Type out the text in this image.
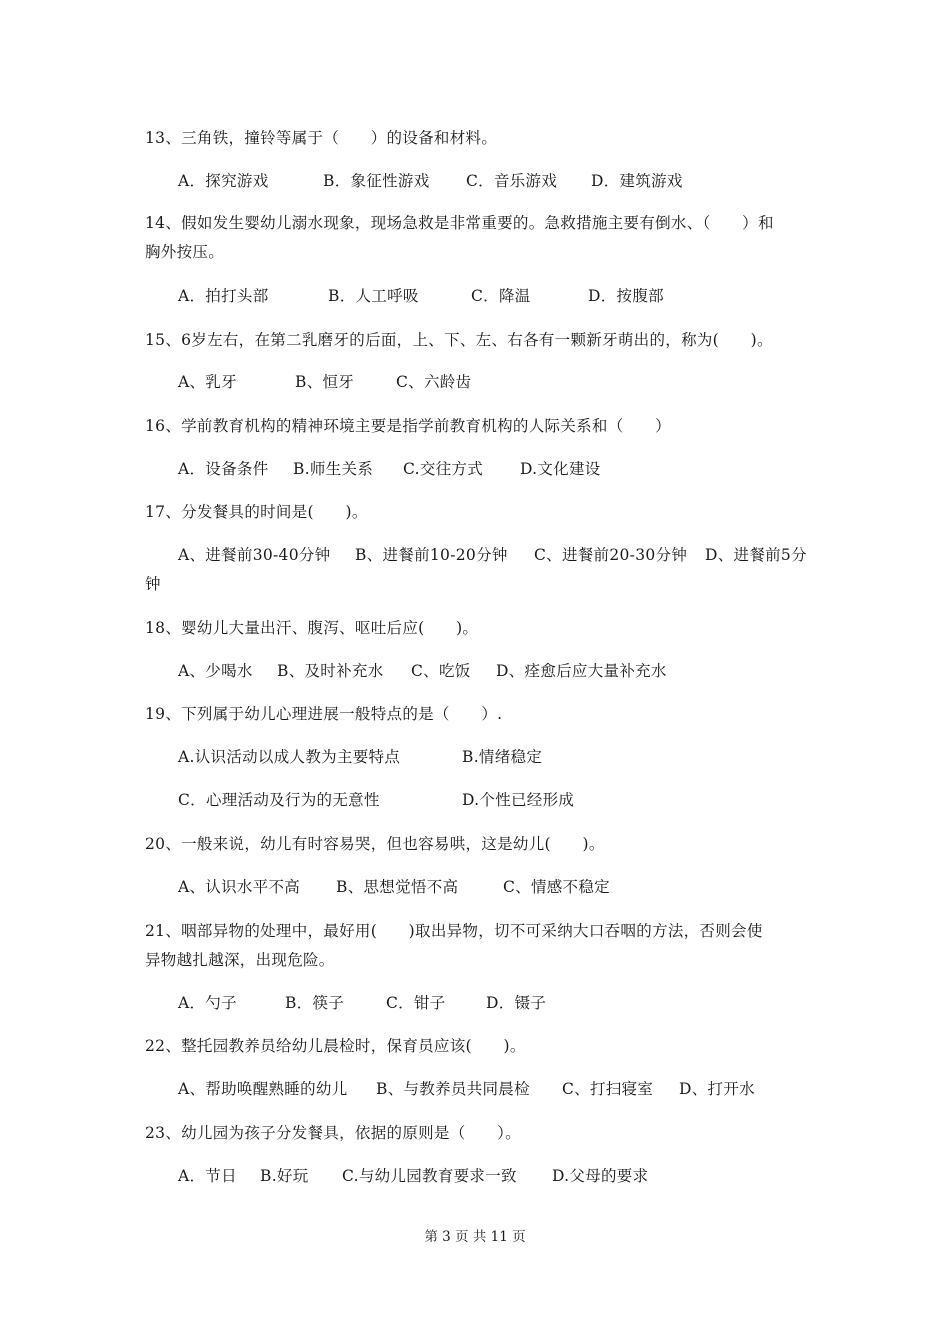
13、三角铁，撞铃等属于（　　）的设备和材料。

A．探究游戏

	B．象征性游戏

C．音乐游戏

D．建筑游戏

14、假如发生婴幼儿溺水现象，现场急救是非常重要的。急救措施主要有倒水、（　　）和
胸外按压。

A．拍打头部

	B．人工呼吸

	C．降温

	D．按腹部

15、6岁左右，在第二乳磨牙的后面，上、下、左、右各有一颗新牙萌出的，称为(　　)。

A、乳牙

	B、恒牙

	C、六龄齿

16、学前教育机构的精神环境主要是指学前教育机构的人际关系和（　　）

A．设备条件

B.师生关系

C.交往方式

D.文化建设

17、分发餐具的时间是(　　)。

A、进餐前30-40分钟

B、进餐前10-20分钟

C、进餐前20-30分钟

D、进餐前5分

钟
18、婴幼儿大量出汗、腹泻、呕吐后应(　　)。

A、少喝水

B、及时补充水

C、吃饭

D、痊愈后应大量补充水

19、下列属于幼儿心理进展一般特点的是（　　）.

A.认识活动以成人教为主要特点

	B.情绪稳定

C．心理活动及行为的无意性

	D.个性已经形成

20、一般来说，幼儿有时容易哭，但也容易哄，这是幼儿(　　)。

A、认识水平不高

B、思想觉悟不高

	C、情感不稳定

21、咽部异物的处理中，最好用(　　)取出异物，切不可采纳大口吞咽的方法，否则会使
异物越扎越深，出现危险。

A．勺子

	B．筷子

	C．钳子

	D．镊子

22、整托园教养员给幼儿晨检时，保育员应该(　　)。

A、帮助唤醒熟睡的幼儿

B、与教养员共同晨检

C、打扫寝室

D、打开水

23、幼儿园为孩子分发餐具，依据的原则是（　　）。

A．节日

B.好玩

C.与幼儿园教育要求一致

D.父母的要求

第 3 页 共 11 页
